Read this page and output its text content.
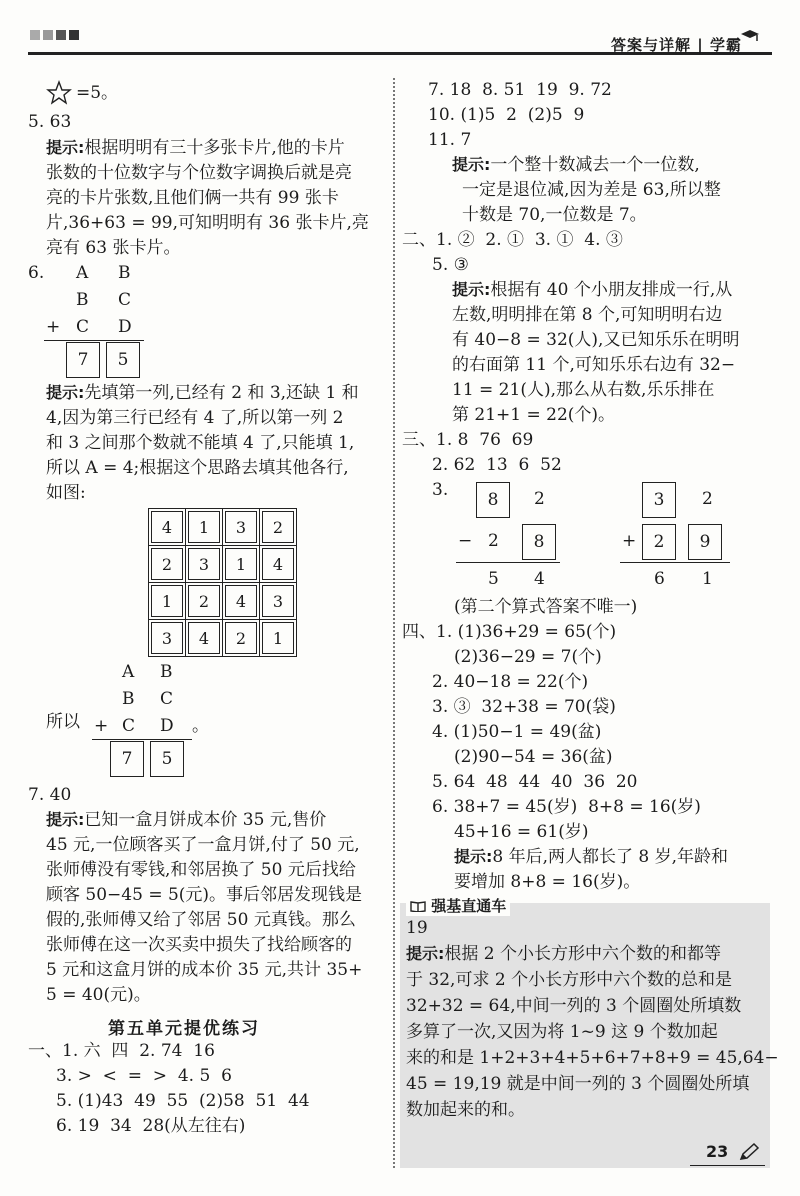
答案与详解 | 学霸
=5。
5. 63
提示:根据明明有三十多张卡片,他的卡片
张数的十位数字与个位数字调换后就是亮
亮的卡片张数,且他们俩一共有 99 张卡
片,36+63 = 99,可知明明有 36 张卡片,亮
亮有 63 张卡片。
6. A B
B C
+ C D
7	5
提示:先填第一列,已经有 2 和 3,还缺 1 和
4,因为第三行已经有 4 了,所以第一列 2
和 3 之间那个数就不能填 4 了,只能填 1,
所以 A = 4;根据这个思路去填其他各行,
如图:
4	1	3	2

2	3	1	4

1	2	4	3

3	4	2	1
A B
B C
所以 + C D 。
7	5
7. 40
提示:已知一盒月饼成本价 35 元,售价
45 元,一位顾客买了一盒月饼,付了 50 元,
张师傅没有零钱,和邻居换了 50 元后找给
顾客 50−45 = 5(元)。事后邻居发现钱是
假的,张师傅又给了邻居 50 元真钱。那么
张师傅在这一次买卖中损失了找给顾客的
5 元和这盒月饼的成本价 35 元,共计 35+
5 = 40(元)。
第五单元提优练习
一、1. 六  四  2. 74  16
3. >  <  =  >  4. 5  6
5. (1)43  49  55  (2)58  51  44
6. 19  34  28(从左往右)
7. 18  8. 51  19  9. 72
10. (1)5  2  (2)5  9
11. 7
提示:一个整十数减去一个一位数,
一定是退位减,因为差是 63,所以整
十数是 70,一位数是 7。
二、1. ②  2. ①  3. ①  4. ③
5. ③
提示:根据有 40 个小朋友排成一行,从
左数,明明排在第 8 个,可知明明右边
有 40−8 = 32(人),又已知乐乐在明明
的右面第 11 个,可知乐乐右边有 32−
11 = 21(人),那么从右数,乐乐排在
第 21+1 = 22(个)。
三、1. 8  76  69
2. 62  13  6  52
3.	8	2
− 2	8
5 4
3	2
+	2	9
6 1
(第二个算式答案不唯一)
四、1. (1)36+29 = 65(个)
(2)36−29 = 7(个)
2. 40−18 = 22(个)
3. ③  32+38 = 70(袋)
4. (1)50−1 = 49(盆)
(2)90−54 = 36(盆)
5. 64  48  44  40  36  20
6. 38+7 = 45(岁)  8+8 = 16(岁)
45+16 = 61(岁)
提示:8 年后,两人都长了 8 岁,年龄和
要增加 8+8 = 16(岁)。
强基直通车
19
提示:根据 2 个小长方形中六个数的和都等
于 32,可求 2 个小长方形中六个数的总和是
32+32 = 64,中间一列的 3 个圆圈处所填数
多算了一次,又因为将 1~9 这 9 个数加起
来的和是 1+2+3+4+5+6+7+8+9 = 45,64−
45 = 19,19 就是中间一列的 3 个圆圈处所填
数加起来的和。
23
